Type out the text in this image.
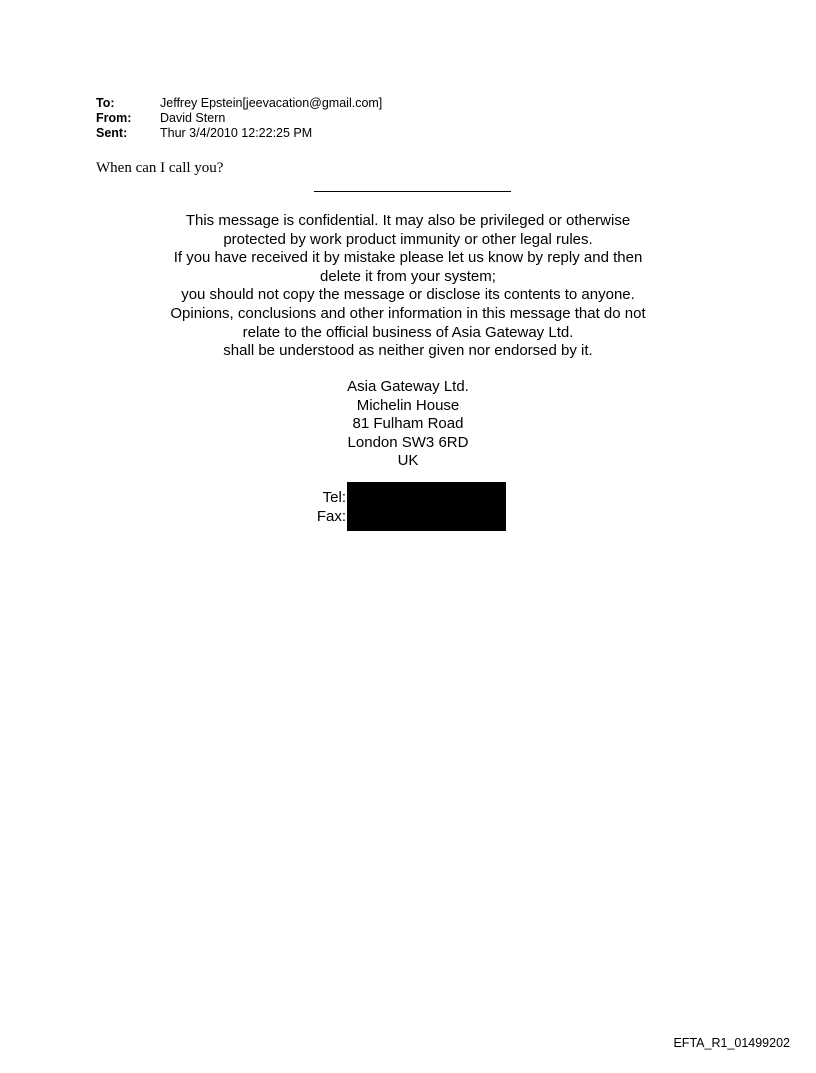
To:	Jeffrey Epstein[jeevacation@gmail.com]
From:	David Stern
Sent:	Thur 3/4/2010 12:22:25 PM
When can I call you?
This message is confidential. It may also be privileged or otherwise
protected by work product immunity or other legal rules.
If you have received it by mistake please let us know by reply and then
delete it from your system;
you should not copy the message or disclose its contents to anyone.
Opinions, conclusions and other information in this message that do not
relate to the official business of Asia Gateway Ltd.
shall be understood as neither given nor endorsed by it.
Asia Gateway Ltd.
Michelin House
81 Fulham Road
London SW3 6RD
UK
Tel:
Fax:
EFTA_R1_01499202
